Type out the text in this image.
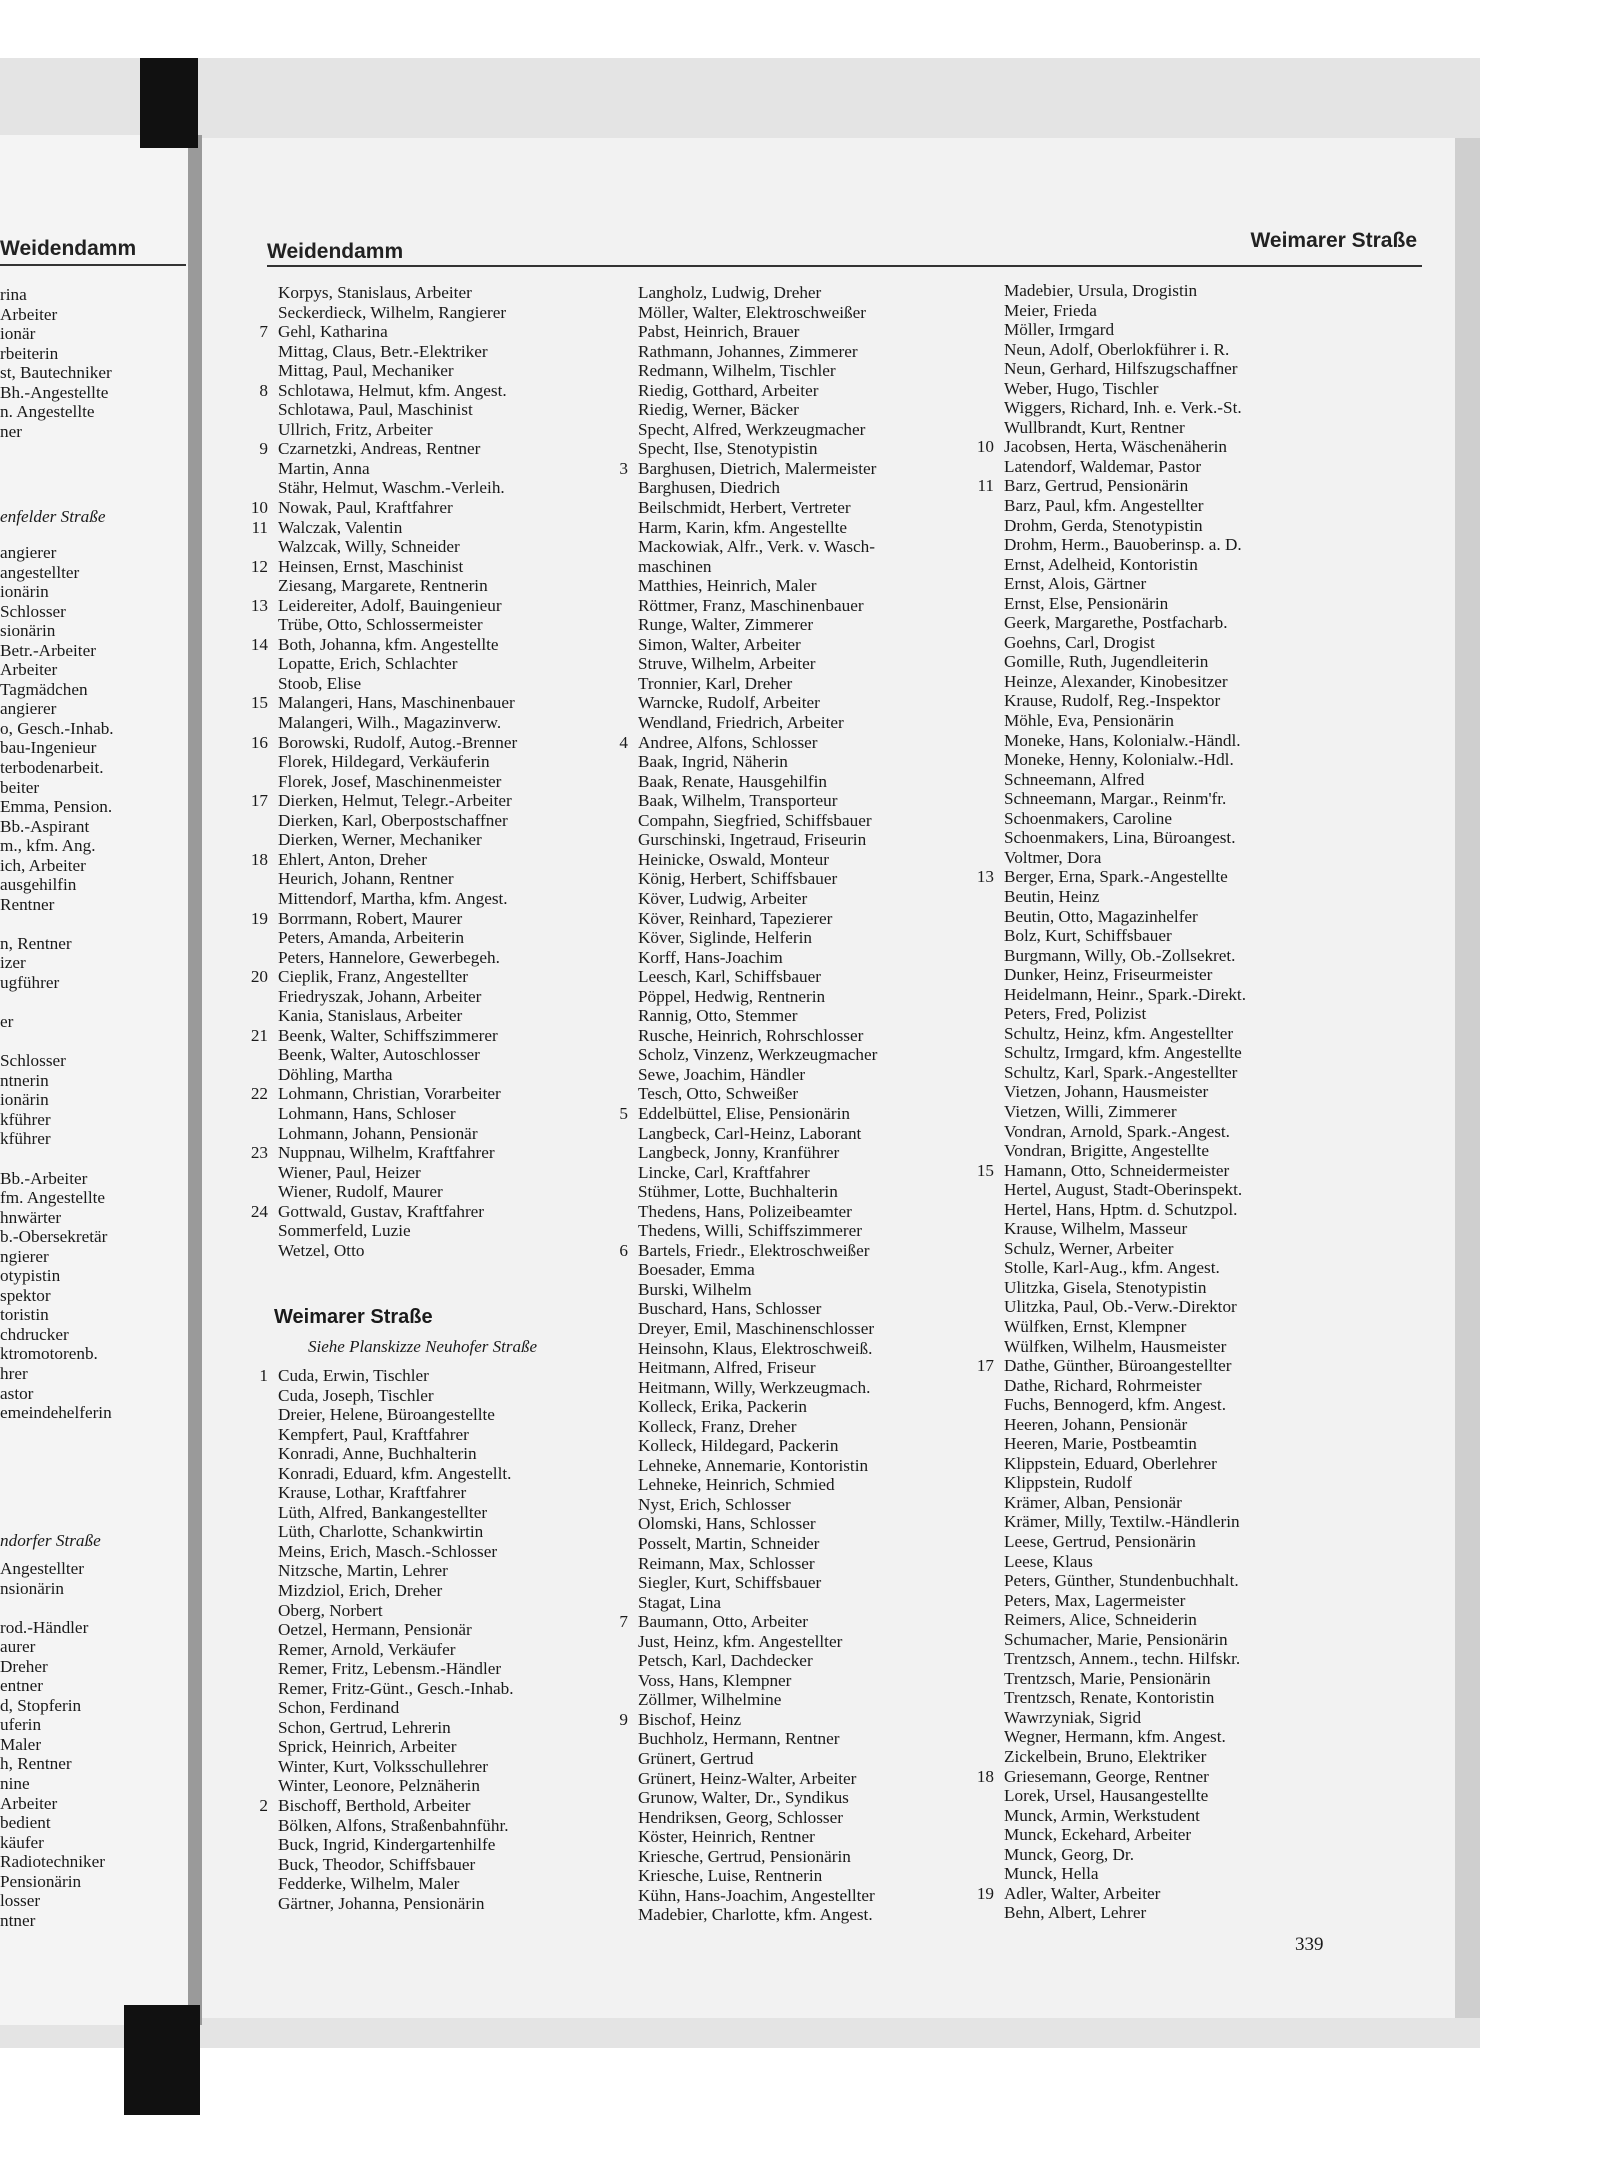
Weidendamm
rina
Arbeiter
ionär
rbeiterin
st, Bautechniker
Bh.-Angestellte
n. Angestellte
ner
enfelder Straße
angierer
angestellter
ionärin
Schlosser
sionärin
Betr.-Arbeiter
Arbeiter
Tagmädchen
angierer
o, Gesch.-Inhab.
bau-Ingenieur
terbodenarbeit.
beiter
Emma, Pension.
Bb.-Aspirant
m., kfm. Ang.
ich, Arbeiter
ausgehilfin
Rentner
n, Rentner
izer
ugführer
er
Schlosser
ntnerin
ionärin
kführer
kführer
Bb.-Arbeiter
fm. Angestellte
hnwärter
b.-Obersekretär
ngierer
otypistin
spektor
toristin
chdrucker
ktromotorenb.
hrer
astor
emeindehelferin
ndorfer Straße
Angestellter
nsionärin
rod.-Händler
aurer
Dreher
entner
d, Stopferin
uferin
Maler
h, Rentner
nine
Arbeiter
bedient
käufer
Radiotechniker
Pensionärin
losser
ntner
Weidendamm	Weimarer Straße
Korpys, Stanislaus, Arbeiter
Seckerdieck, Wilhelm, Rangierer
7 Gehl, Katharina
Mittag, Claus, Betr.-Elektriker
Mittag, Paul, Mechaniker
8 Schlotawa, Helmut, kfm. Angest.
Schlotawa, Paul, Maschinist
Ullrich, Fritz, Arbeiter
9 Czarnetzki, Andreas, Rentner
Martin, Anna
Stähr, Helmut, Waschm.-Verleih.
10 Nowak, Paul, Kraftfahrer
11 Walczak, Valentin
Walzcak, Willy, Schneider
12 Heinsen, Ernst, Maschinist
Ziesang, Margarete, Rentnerin
13 Leidereiter, Adolf, Bauingenieur
Trübe, Otto, Schlossermeister
14 Both, Johanna, kfm. Angestellte
Lopatte, Erich, Schlachter
Stoob, Elise
15 Malangeri, Hans, Maschinenbauer
Malangeri, Wilh., Magazinverw.
16 Borowski, Rudolf, Autog.-Brenner
Florek, Hildegard, Verkäuferin
Florek, Josef, Maschinenmeister
17 Dierken, Helmut, Telegr.-Arbeiter
Dierken, Karl, Oberpostschaffner
Dierken, Werner, Mechaniker
18 Ehlert, Anton, Dreher
Heurich, Johann, Rentner
Mittendorf, Martha, kfm. Angest.
19 Borrmann, Robert, Maurer
Peters, Amanda, Arbeiterin
Peters, Hannelore, Gewerbegeh.
20 Cieplik, Franz, Angestellter
Friedryszak, Johann, Arbeiter
Kania, Stanislaus, Arbeiter
21 Beenk, Walter, Schiffszimmerer
Beenk, Walter, Autoschlosser
Döhling, Martha
22 Lohmann, Christian, Vorarbeiter
Lohmann, Hans, Schloser
Lohmann, Johann, Pensionär
23 Nuppnau, Wilhelm, Kraftfahrer
Wiener, Paul, Heizer
Wiener, Rudolf, Maurer
24 Gottwald, Gustav, Kraftfahrer
Sommerfeld, Luzie
Wetzel, Otto
Weimarer Straße
Siehe Planskizze Neuhofer Straße
1 Cuda, Erwin, Tischler
Cuda, Joseph, Tischler
Dreier, Helene, Büroangestellte
Kempfert, Paul, Kraftfahrer
Konradi, Anne, Buchhalterin
Konradi, Eduard, kfm. Angestellt.
Krause, Lothar, Kraftfahrer
Lüth, Alfred, Bankangestellter
Lüth, Charlotte, Schankwirtin
Meins, Erich, Masch.-Schlosser
Nitzsche, Martin, Lehrer
Mizdziol, Erich, Dreher
Oberg, Norbert
Oetzel, Hermann, Pensionär
Remer, Arnold, Verkäufer
Remer, Fritz, Lebensm.-Händler
Remer, Fritz-Günt., Gesch.-Inhab.
Schon, Ferdinand
Schon, Gertrud, Lehrerin
Sprick, Heinrich, Arbeiter
Winter, Kurt, Volksschullehrer
Winter, Leonore, Pelznäherin
2 Bischoff, Berthold, Arbeiter
Bölken, Alfons, Straßenbahnführ.
Buck, Ingrid, Kindergartenhilfe
Buck, Theodor, Schiffsbauer
Fedderke, Wilhelm, Maler
Gärtner, Johanna, Pensionärin
Langholz, Ludwig, Dreher
Möller, Walter, Elektroschweißer
Pabst, Heinrich, Brauer
Rathmann, Johannes, Zimmerer
Redmann, Wilhelm, Tischler
Riedig, Gotthard, Arbeiter
Riedig, Werner, Bäcker
Specht, Alfred, Werkzeugmacher
Specht, Ilse, Stenotypistin
3 Barghusen, Dietrich, Malermeister
Barghusen, Diedrich
Beilschmidt, Herbert, Vertreter
Harm, Karin, kfm. Angestellte
Mackowiak, Alfr., Verk. v. Wasch-
maschinen
Matthies, Heinrich, Maler
Röttmer, Franz, Maschinenbauer
Runge, Walter, Zimmerer
Simon, Walter, Arbeiter
Struve, Wilhelm, Arbeiter
Tronnier, Karl, Dreher
Warncke, Rudolf, Arbeiter
Wendland, Friedrich, Arbeiter
4 Andree, Alfons, Schlosser
Baak, Ingrid, Näherin
Baak, Renate, Hausgehilfin
Baak, Wilhelm, Transporteur
Compahn, Siegfried, Schiffsbauer
Gurschinski, Ingetraud, Friseurin
Heinicke, Oswald, Monteur
König, Herbert, Schiffsbauer
Köver, Ludwig, Arbeiter
Köver, Reinhard, Tapezierer
Köver, Siglinde, Helferin
Korff, Hans-Joachim
Leesch, Karl, Schiffsbauer
Pöppel, Hedwig, Rentnerin
Rannig, Otto, Stemmer
Rusche, Heinrich, Rohrschlosser
Scholz, Vinzenz, Werkzeugmacher
Sewe, Joachim, Händler
Tesch, Otto, Schweißer
5 Eddelbüttel, Elise, Pensionärin
Langbeck, Carl-Heinz, Laborant
Langbeck, Jonny, Kranführer
Lincke, Carl, Kraftfahrer
Stühmer, Lotte, Buchhalterin
Thedens, Hans, Polizeibeamter
Thedens, Willi, Schiffszimmerer
6 Bartels, Friedr., Elektroschweißer
Boesader, Emma
Burski, Wilhelm
Buschard, Hans, Schlosser
Dreyer, Emil, Maschinenschlosser
Heinsohn, Klaus, Elektroschweiß.
Heitmann, Alfred, Friseur
Heitmann, Willy, Werkzeugmach.
Kolleck, Erika, Packerin
Kolleck, Franz, Dreher
Kolleck, Hildegard, Packerin
Lehneke, Annemarie, Kontoristin
Lehneke, Heinrich, Schmied
Nyst, Erich, Schlosser
Olomski, Hans, Schlosser
Posselt, Martin, Schneider
Reimann, Max, Schlosser
Siegler, Kurt, Schiffsbauer
Stagat, Lina
7 Baumann, Otto, Arbeiter
Just, Heinz, kfm. Angestellter
Petsch, Karl, Dachdecker
Voss, Hans, Klempner
Zöllmer, Wilhelmine
9 Bischof, Heinz
Buchholz, Hermann, Rentner
Grünert, Gertrud
Grünert, Heinz-Walter, Arbeiter
Grunow, Walter, Dr., Syndikus
Hendriksen, Georg, Schlosser
Köster, Heinrich, Rentner
Kriesche, Gertrud, Pensionärin
Kriesche, Luise, Rentnerin
Kühn, Hans-Joachim, Angestellter
Madebier, Charlotte, kfm. Angest.
Madebier, Ursula, Drogistin
Meier, Frieda
Möller, Irmgard
Neun, Adolf, Oberlokführer i. R.
Neun, Gerhard, Hilfszugschaffner
Weber, Hugo, Tischler
Wiggers, Richard, Inh. e. Verk.-St.
Wullbrandt, Kurt, Rentner
10 Jacobsen, Herta, Wäschenäherin
Latendorf, Waldemar, Pastor
11 Barz, Gertrud, Pensionärin
Barz, Paul, kfm. Angestellter
Drohm, Gerda, Stenotypistin
Drohm, Herm., Bauoberinsp. a. D.
Ernst, Adelheid, Kontoristin
Ernst, Alois, Gärtner
Ernst, Else, Pensionärin
Geerk, Margarethe, Postfacharb.
Goehns, Carl, Drogist
Gomille, Ruth, Jugendleiterin
Heinze, Alexander, Kinobesitzer
Krause, Rudolf, Reg.-Inspektor
Möhle, Eva, Pensionärin
Moneke, Hans, Kolonialw.-Händl.
Moneke, Henny, Kolonialw.-Hdl.
Schneemann, Alfred
Schneemann, Margar., Reinm'fr.
Schoenmakers, Caroline
Schoenmakers, Lina, Büroangest.
Voltmer, Dora
13 Berger, Erna, Spark.-Angestellte
Beutin, Heinz
Beutin, Otto, Magazinhelfer
Bolz, Kurt, Schiffsbauer
Burgmann, Willy, Ob.-Zollsekret.
Dunker, Heinz, Friseurmeister
Heidelmann, Heinr., Spark.-Direkt.
Peters, Fred, Polizist
Schultz, Heinz, kfm. Angestellter
Schultz, Irmgard, kfm. Angestellte
Schultz, Karl, Spark.-Angestellter
Vietzen, Johann, Hausmeister
Vietzen, Willi, Zimmerer
Vondran, Arnold, Spark.-Angest.
Vondran, Brigitte, Angestellte
15 Hamann, Otto, Schneidermeister
Hertel, August, Stadt-Oberinspekt.
Hertel, Hans, Hptm. d. Schutzpol.
Krause, Wilhelm, Masseur
Schulz, Werner, Arbeiter
Stolle, Karl-Aug., kfm. Angest.
Ulitzka, Gisela, Stenotypistin
Ulitzka, Paul, Ob.-Verw.-Direktor
Wülfken, Ernst, Klempner
Wülfken, Wilhelm, Hausmeister
17 Dathe, Günther, Büroangestellter
Dathe, Richard, Rohrmeister
Fuchs, Bennogerd, kfm. Angest.
Heeren, Johann, Pensionär
Heeren, Marie, Postbeamtin
Klippstein, Eduard, Oberlehrer
Klippstein, Rudolf
Krämer, Alban, Pensionär
Krämer, Milly, Textilw.-Händlerin
Leese, Gertrud, Pensionärin
Leese, Klaus
Peters, Günther, Stundenbuchhalt.
Peters, Max, Lagermeister
Reimers, Alice, Schneiderin
Schumacher, Marie, Pensionärin
Trentzsch, Annem., techn. Hilfskr.
Trentzsch, Marie, Pensionärin
Trentzsch, Renate, Kontoristin
Wawrzyniak, Sigrid
Wegner, Hermann, kfm. Angest.
Zickelbein, Bruno, Elektriker
18 Griesemann, George, Rentner
Lorek, Ursel, Hausangestellte
Munck, Armin, Werkstudent
Munck, Eckehard, Arbeiter
Munck, Georg, Dr.
Munck, Hella
19 Adler, Walter, Arbeiter
Behn, Albert, Lehrer
339
